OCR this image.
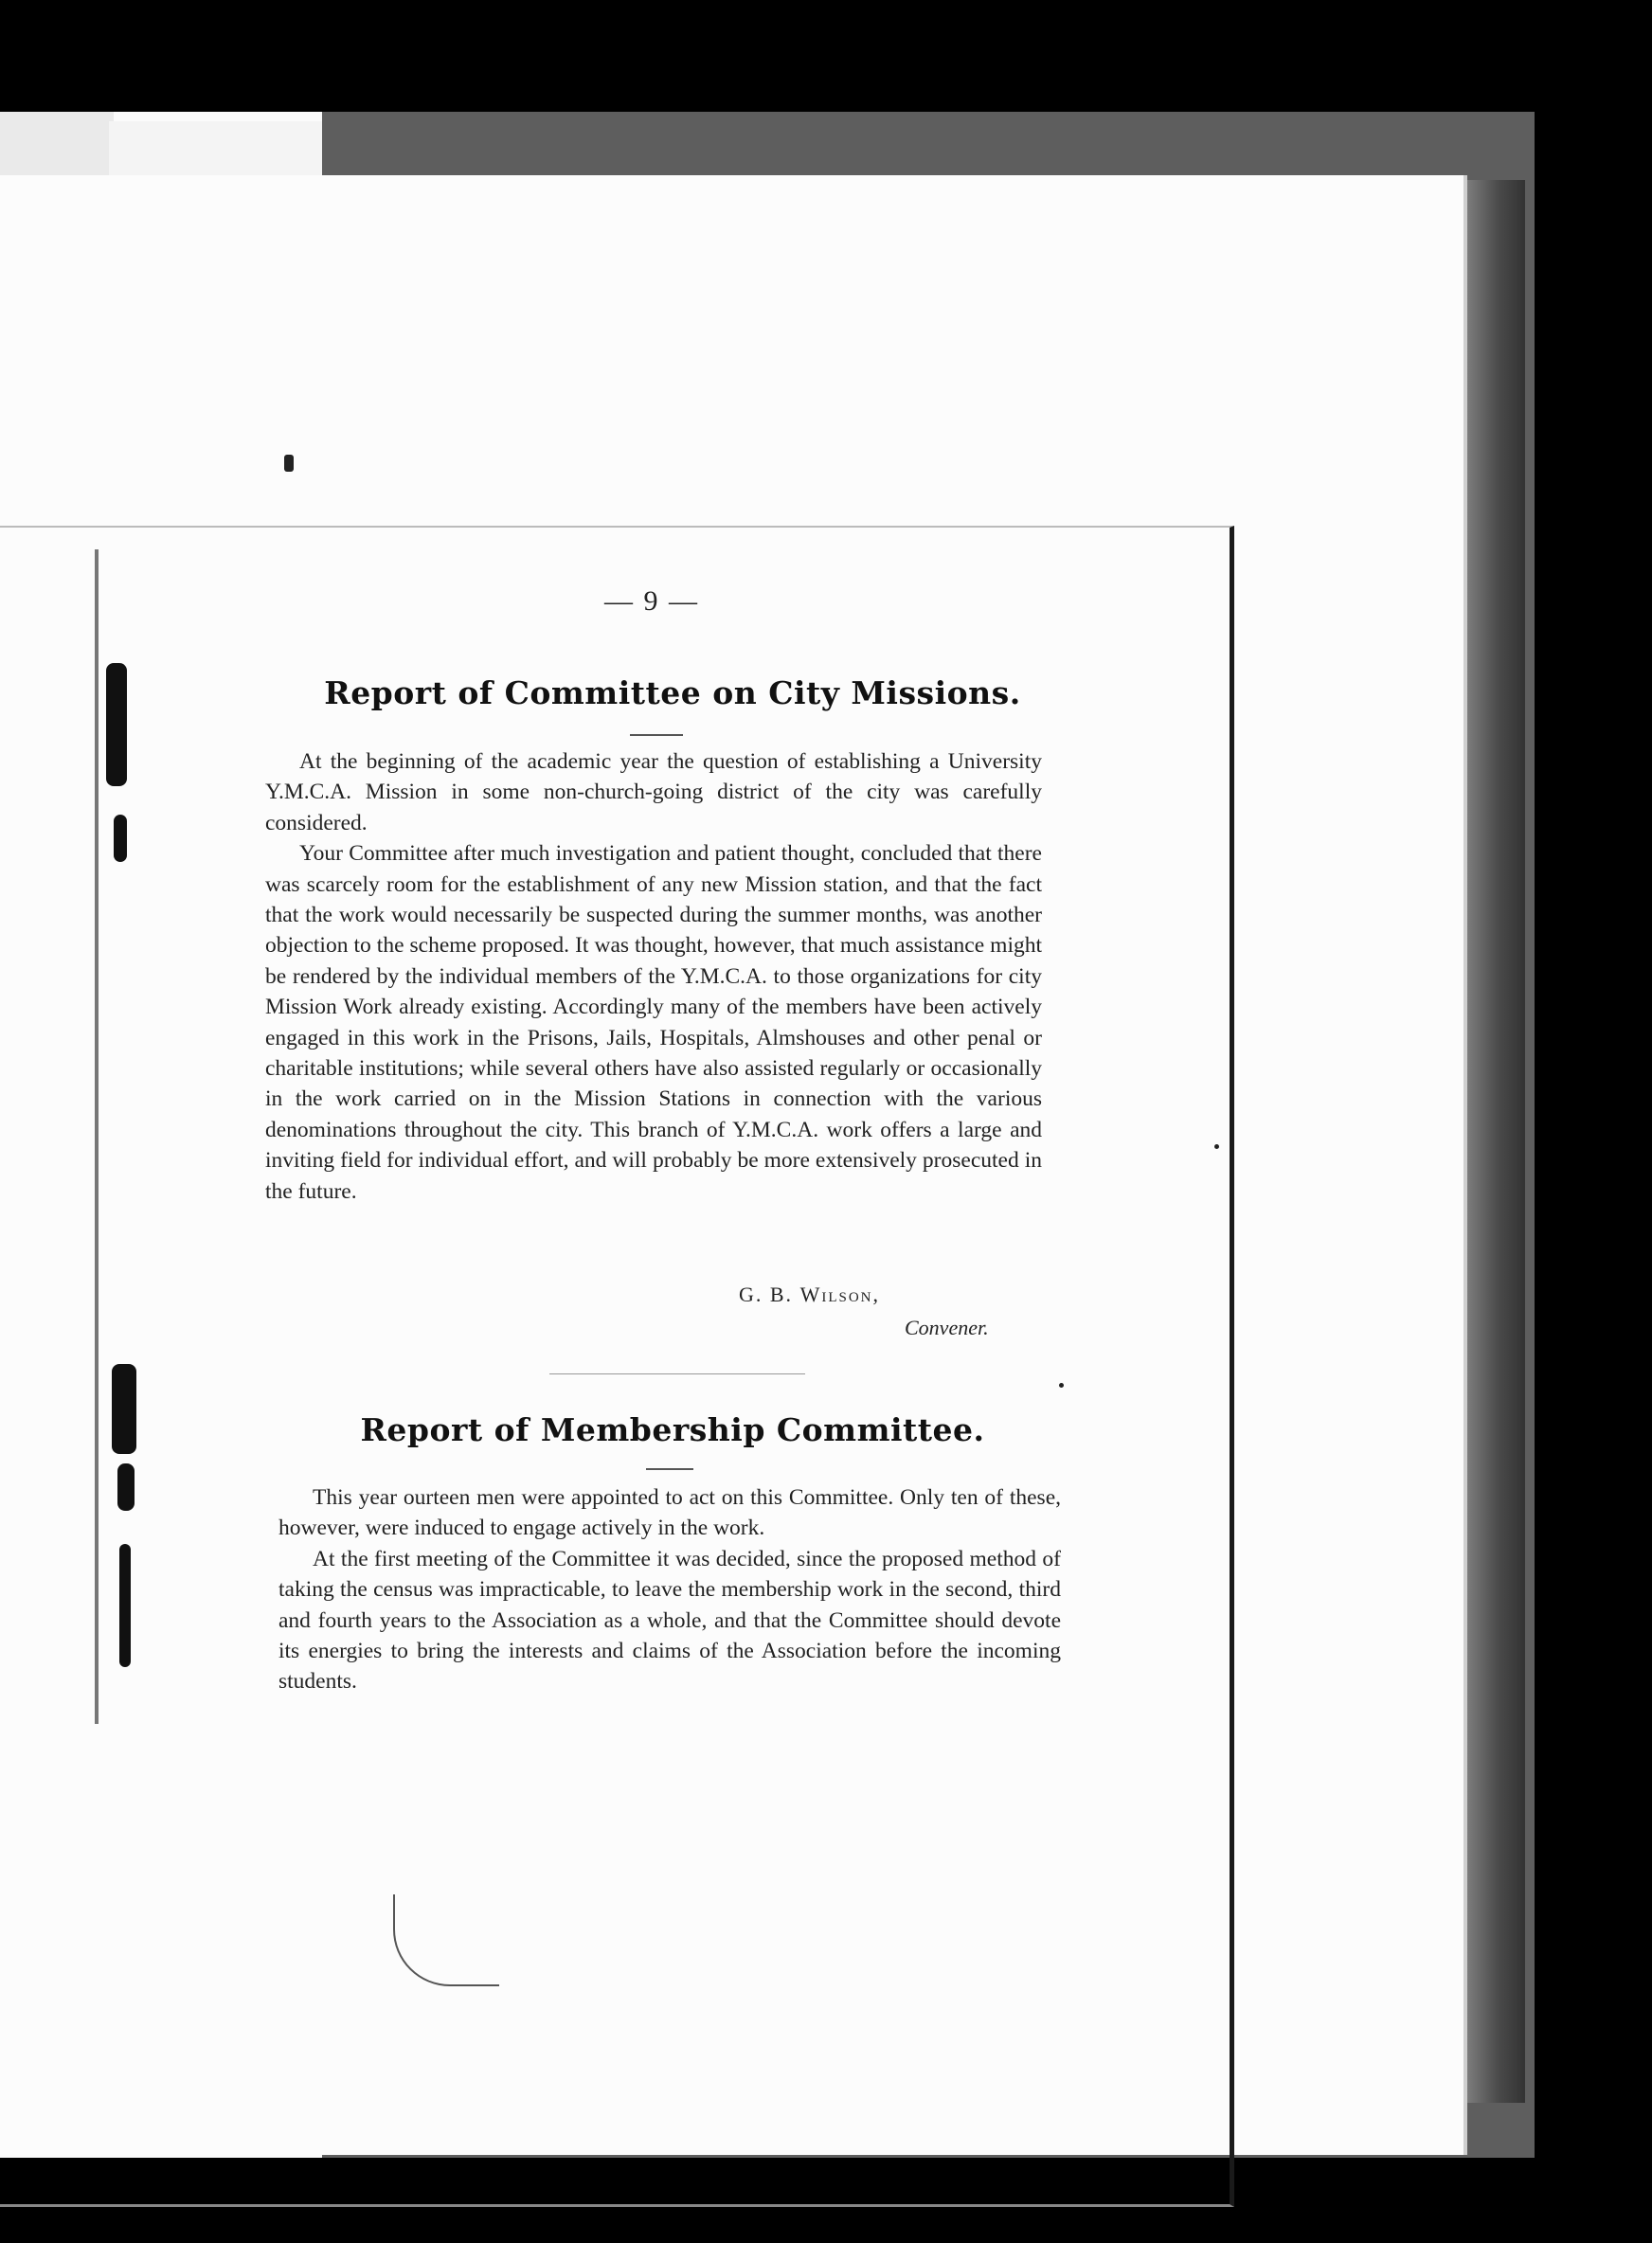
— 9 —
Report of Committee on City Missions.

At the beginning of the academic year the question of establishing a University Y.M.C.A. Mission in some non-church-going district of the city was carefully considered.

Your Committee after much investigation and patient thought, concluded that there was scarcely room for the establishment of any new Mission station, and that the fact that the work would necessarily be suspected during the summer months, was another objection to the scheme proposed. It was thought, however, that much assistance might be rendered by the individual members of the Y.M.C.A. to those organizations for city Mission Work already existing. Accordingly many of the members have been actively engaged in this work in the Prisons, Jails, Hospitals, Almshouses and other penal or charitable institutions; while several others have also assisted regularly or occasionally in the work carried on in the Mission Stations in connection with the various denominations throughout the city. This branch of Y.M.C.A. work offers a large and inviting field for individual effort, and will probably be more extensively prosecuted in the future.

G. B. Wilson,
Convener.
Report of Membership Committee.

This year ourteen men were appointed to act on this Committee. Only ten of these, however, were induced to engage actively in the work.

At the first meeting of the Committee it was decided, since the proposed method of taking the census was impracticable, to leave the membership work in the second, third and fourth years to the Association as a whole, and that the Committee should devote its energies to bring the interests and claims of the Association before the incoming students.
